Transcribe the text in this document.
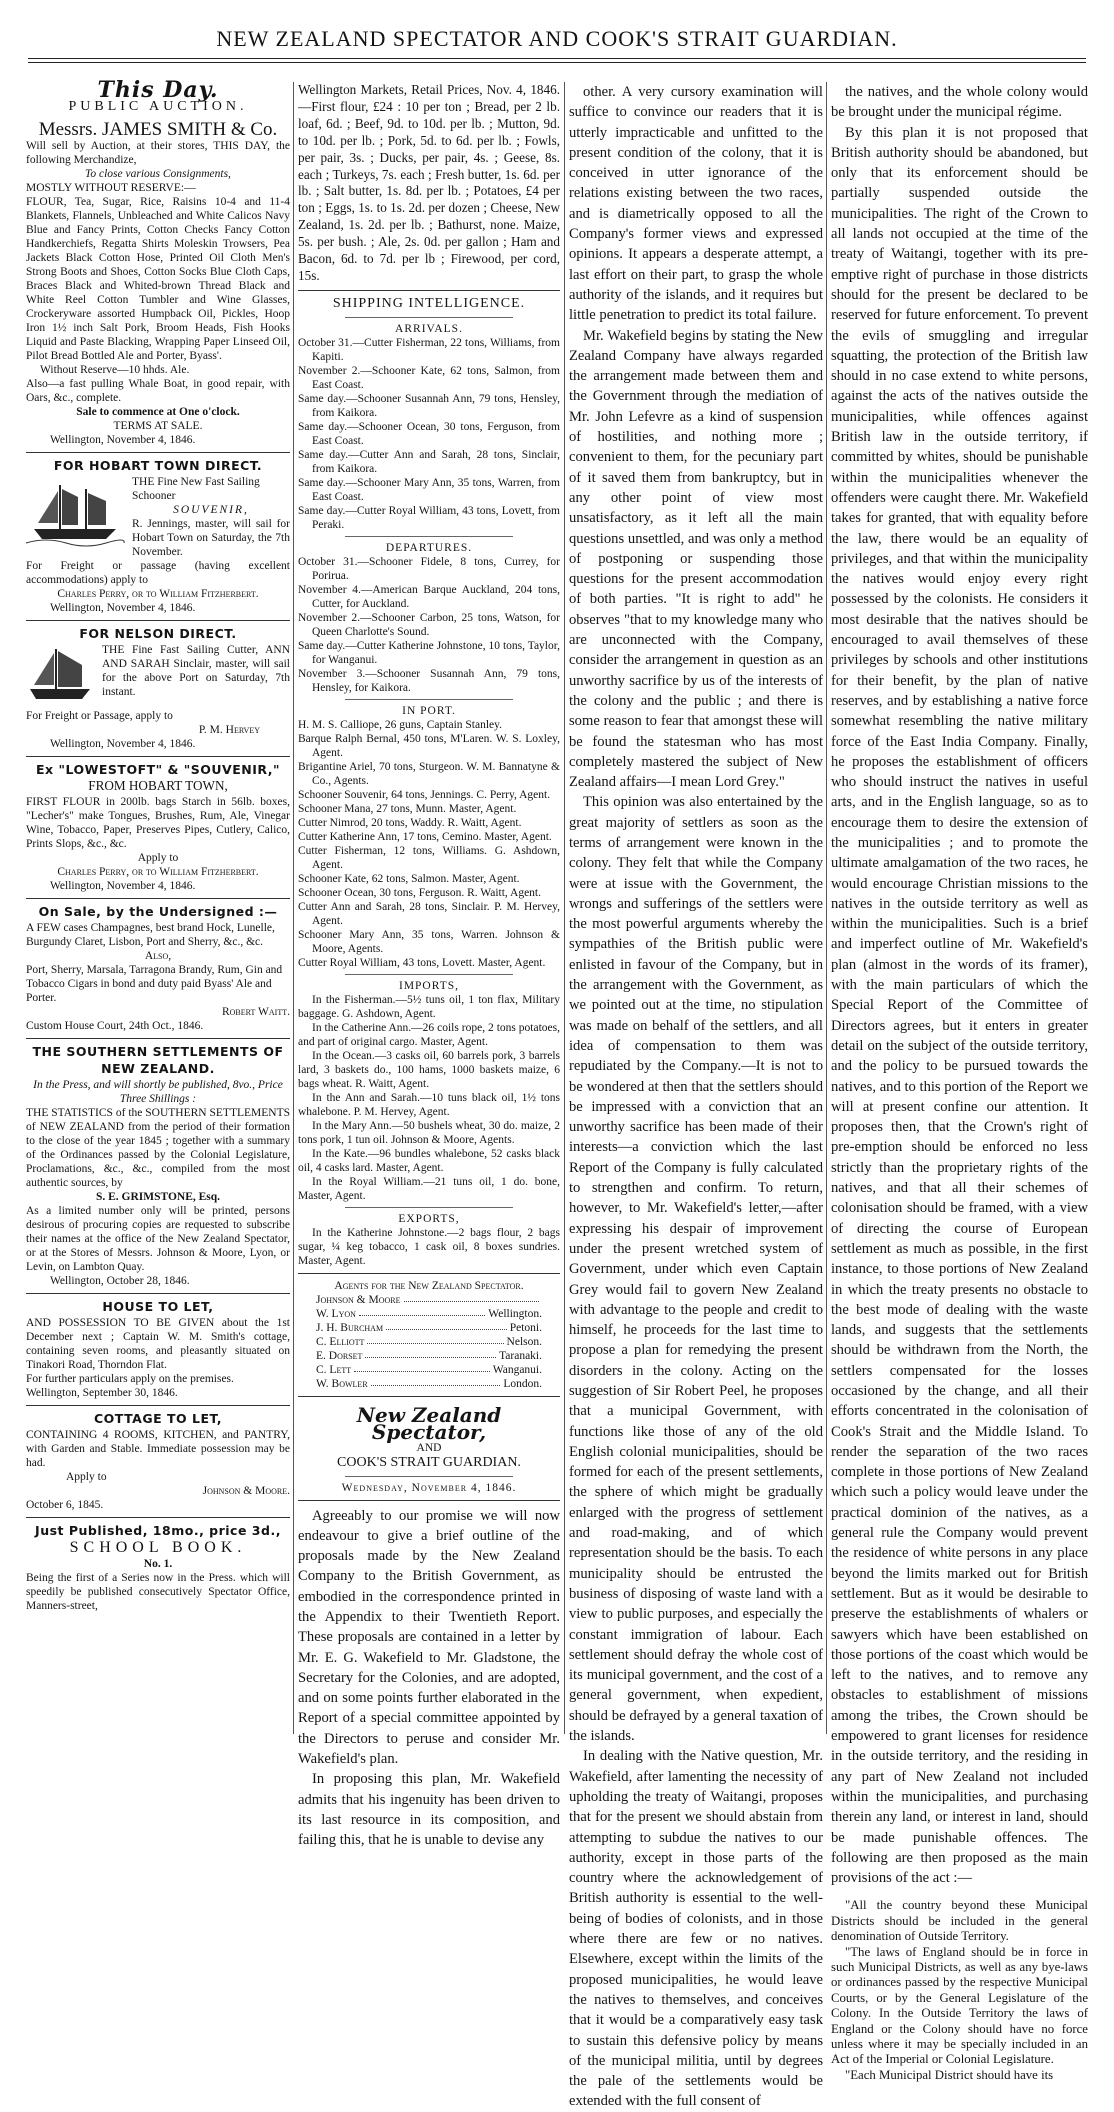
NEW ZEALAND SPECTATOR AND COOK'S STRAIT GUARDIAN.
This Day.
PUBLIC AUCTION.
Messrs. JAMES SMITH & Co.

Will sell by Auction, at their stores, THIS DAY, the following Merchandize,

To close various Consignments,

MOSTLY WITHOUT RESERVE:—

FLOUR, Tea, Sugar, Rice, Raisins 10-4 and 11-4 Blankets, Flannels, Unbleached and White Calicos Navy Blue and Fancy Prints, Cotton Checks Fancy Cotton Handkerchiefs, Regatta Shirts Moleskin Trowsers, Pea Jackets Black Cotton Hose, Printed Oil Cloth Men's Strong Boots and Shoes, Cotton Socks Blue Cloth Caps, Braces Black and Whited-brown Thread Black and White Reel Cotton Tumbler and Wine Glasses, Crockeryware assorted Humpback Oil, Pickles, Hoop Iron 1½ inch Salt Pork, Broom Heads, Fish Hooks Liquid and Paste Blacking, Wrapping Paper Linseed Oil, Pilot Bread Bottled Ale and Porter, Byass'.

Without Reserve—10 hhds. Ale.

Also—a fast pulling Whale Boat, in good repair, with Oars, &c., complete.

Sale to commence at One o'clock.

TERMS AT SALE.

Wellington, November 4, 1846.

FOR HOBART TOWN DIRECT.

THE Fine New Fast Sailing Schooner

SOUVENIR,

R. Jennings, master, will sail for Hobart Town on Saturday, the 7th November.

For Freight or passage (having excellent accommodations) apply to

Charles Perry, or to William Fitzherbert.

Wellington, November 4, 1846.

FOR NELSON DIRECT.

THE Fine Fast Sailing Cutter, ANN AND SARAH Sinclair, master, will sail for the above Port on Saturday, 7th instant.

For Freight or Passage, apply to

P. M. Hervey

Wellington, November 4, 1846.

Ex "LOWESTOFT" & "SOUVENIR,"

FROM HOBART TOWN,

FIRST FLOUR in 200lb. bags Starch in 56lb. boxes, "Lecher's" make Tongues, Brushes, Rum, Ale, Vinegar Wine, Tobacco, Paper, Preserves Pipes, Cutlery, Calico, Prints Slops, &c., &c.

Apply to

Charles Perry, or to William Fitzherbert.

Wellington, November 4, 1846.

On Sale, by the Undersigned :—

A FEW cases Champagnes, best brand Hock, Lunelle, Burgundy Claret, Lisbon, Port and Sherry, &c., &c.

Also,

Port, Sherry, Marsala, Tarragona Brandy, Rum, Gin and Tobacco Cigars in bond and duty paid Byass' Ale and Porter.

Robert Waitt.

Custom House Court, 24th Oct., 1846.

THE SOUTHERN SETTLEMENTS OF NEW ZEALAND.

In the Press, and will shortly be published, 8vo., Price Three Shillings :

THE STATISTICS of the SOUTHERN SETTLEMENTS of NEW ZEALAND from the period of their formation to the close of the year 1845 ; together with a summary of the Ordinances passed by the Colonial Legislature, Proclamations, &c., &c., compiled from the most authentic sources, by

S. E. GRIMSTONE, Esq.

As a limited number only will be printed, persons desirous of procuring copies are requested to subscribe their names at the office of the New Zealand Spectator, or at the Stores of Messrs. Johnson & Moore, Lyon, or Levin, on Lambton Quay.

Wellington, October 28, 1846.

HOUSE TO LET,

AND POSSESSION TO BE GIVEN about the 1st December next ; Captain W. M. Smith's cottage, containing seven rooms, and pleasantly situated on Tinakori Road, Thorndon Flat.

For further particulars apply on the premises.

Wellington, September 30, 1846.

COTTAGE TO LET,

CONTAINING 4 ROOMS, KITCHEN, and PANTRY, with Garden and Stable. Immediate possession may be had.

Apply to

Johnson & Moore.

October 6, 1845.

Just Published, 18mo., price 3d.,

SCHOOL BOOK.

No. 1.

Being the first of a Series now in the Press. which will speedily be published consecutively Spectator Office, Manners-street,

Wellington Markets, Retail Prices, Nov. 4, 1846.—First flour, £24 : 10 per ton ; Bread, per 2 lb. loaf, 6d. ; Beef, 9d. to 10d. per lb. ; Mutton, 9d. to 10d. per lb. ; Pork, 5d. to 6d. per lb. ; Fowls, per pair, 3s. ; Ducks, per pair, 4s. ; Geese, 8s. each ; Turkeys, 7s. each ; Fresh butter, 1s. 6d. per lb. ; Salt butter, 1s. 8d. per lb. ; Potatoes, £4 per ton ; Eggs, 1s. to 1s. 2d. per dozen ; Cheese, New Zealand, 1s. 2d. per lb. ; Bathurst, none. Maize, 5s. per bush. ; Ale, 2s. 0d. per gallon ; Ham and Bacon, 6d. to 7d. per lb ; Firewood, per cord, 15s.

SHIPPING INTELLIGENCE.
ARRIVALS.

October 31.—Cutter Fisherman, 22 tons, Williams, from Kapiti.

November 2.—Schooner Kate, 62 tons, Salmon, from East Coast.

Same day.—Schooner Susannah Ann, 79 tons, Hensley, from Kaikora.

Same day.—Schooner Ocean, 30 tons, Ferguson, from East Coast.

Same day.—Cutter Ann and Sarah, 28 tons, Sinclair, from Kaikora.

Same day.—Schooner Mary Ann, 35 tons, Warren, from East Coast.

Same day.—Cutter Royal William, 43 tons, Lovett, from Peraki.

DEPARTURES.

October 31.—Schooner Fidele, 8 tons, Currey, for Porirua.

November 4.—American Barque Auckland, 204 tons, Cutter, for Auckland.

November 2.—Schooner Carbon, 25 tons, Watson, for Queen Charlotte's Sound.

Same day.—Cutter Katherine Johnstone, 10 tons, Taylor, for Wanganui.

November 3.—Schooner Susannah Ann, 79 tons, Hensley, for Kaikora.

IN PORT.

H. M. S. Calliope, 26 guns, Captain Stanley.

Barque Ralph Bernal, 450 tons, M'Laren. W. S. Loxley, Agent.

Brigantine Ariel, 70 tons, Sturgeon. W. M. Bannatyne & Co., Agents.

Schooner Souvenir, 64 tons, Jennings. C. Perry, Agent.

Schooner Mana, 27 tons, Munn. Master, Agent.

Cutter Nimrod, 20 tons, Waddy. R. Waitt, Agent.

Cutter Katherine Ann, 17 tons, Cemino. Master, Agent.

Cutter Fisherman, 12 tons, Williams. G. Ashdown, Agent.

Schooner Kate, 62 tons, Salmon. Master, Agent.

Schooner Ocean, 30 tons, Ferguson. R. Waitt, Agent.

Cutter Ann and Sarah, 28 tons, Sinclair. P. M. Hervey, Agent.

Schooner Mary Ann, 35 tons, Warren. Johnson & Moore, Agents.

Cutter Royal William, 43 tons, Lovett. Master, Agent.

IMPORTS,

In the Fisherman.—5½ tuns oil, 1 ton flax, Military baggage. G. Ashdown, Agent.

In the Catherine Ann.—26 coils rope, 2 tons potatoes, and part of original cargo. Master, Agent.

In the Ocean.—3 casks oil, 60 barrels pork, 3 barrels lard, 3 baskets do., 100 hams, 1000 baskets maize, 6 bags wheat. R. Waitt, Agent.

In the Ann and Sarah.—10 tuns black oil, 1½ tons whalebone. P. M. Hervey, Agent.

In the Mary Ann.—50 bushels wheat, 30 do. maize, 2 tons pork, 1 tun oil. Johnson & Moore, Agents.

In the Kate.—96 bundles whalebone, 52 casks black oil, 4 casks lard. Master, Agent.

In the Royal William.—21 tuns oil, 1 do. bone, Master, Agent.

EXPORTS,

In the Katherine Johnstone.—2 bags flour, 2 bags sugar, ¼ keg tobacco, 1 cask oil, 8 boxes sundries. Master, Agent.

Agents for the New Zealand Spectator.
Johnson & Moore
W. Lyon	Wellington.
J. H. Burcham	Petoni.
C. Elliott	Nelson.
E. Dorset	Taranaki.
C. Lett	Wanganui.
W. Bowler	London.
New Zealand Spectator,
AND
COOK'S STRAIT GUARDIAN.
Wednesday, November 4, 1846.

Agreeably to our promise we will now endeavour to give a brief outline of the proposals made by the New Zealand Company to the British Government, as embodied in the correspondence printed in the Appendix to their Twentieth Report. These proposals are contained in a letter by Mr. E. G. Wakefield to Mr. Gladstone, the Secretary for the Colonies, and are adopted, and on some points further elaborated in the Report of a special committee appointed by the Directors to peruse and consider Mr. Wakefield's plan.

In proposing this plan, Mr. Wakefield admits that his ingenuity has been driven to its last resource in its composition, and failing this, that he is unable to devise any

other. A very cursory examination will suffice to convince our readers that it is utterly impracticable and unfitted to the present condition of the colony, that it is conceived in utter ignorance of the relations existing between the two races, and is diametrically opposed to all the Company's former views and expressed opinions. It appears a desperate attempt, a last effort on their part, to grasp the whole authority of the islands, and it requires but little penetration to predict its total failure.

Mr. Wakefield begins by stating the New Zealand Company have always regarded the arrangement made between them and the Government through the mediation of Mr. John Lefevre as a kind of suspension of hostilities, and nothing more ; convenient to them, for the pecuniary part of it saved them from bankruptcy, but in any other point of view most unsatisfactory, as it left all the main questions unsettled, and was only a method of postponing or suspending those questions for the present accommodation of both parties. "It is right to add" he observes "that to my knowledge many who are unconnected with the Company, consider the arrangement in question as an unworthy sacrifice by us of the interests of the colony and the public ; and there is some reason to fear that amongst these will be found the statesman who has most completely mastered the subject of New Zealand affairs—I mean Lord Grey."

This opinion was also entertained by the great majority of settlers as soon as the terms of arrangement were known in the colony. They felt that while the Company were at issue with the Government, the wrongs and sufferings of the settlers were the most powerful arguments whereby the sympathies of the British public were enlisted in favour of the Company, but in the arrangement with the Government, as we pointed out at the time, no stipulation was made on behalf of the settlers, and all idea of compensation to them was repudiated by the Company.—It is not to be wondered at then that the settlers should be impressed with a conviction that an unworthy sacrifice has been made of their interests—a conviction which the last Report of the Company is fully calculated to strengthen and confirm. To return, however, to Mr. Wakefield's letter,—after expressing his despair of improvement under the present wretched system of Government, under which even Captain Grey would fail to govern New Zealand with advantage to the people and credit to himself, he proceeds for the last time to propose a plan for remedying the present disorders in the colony. Acting on the suggestion of Sir Robert Peel, he proposes that a municipal Government, with functions like those of any of the old English colonial municipalities, should be formed for each of the present settlements, the sphere of which might be gradually enlarged with the progress of settlement and road-making, and of which representation should be the basis. To each municipality should be entrusted the business of disposing of waste land with a view to public purposes, and especially the constant immigration of labour. Each settlement should defray the whole cost of its municipal government, and the cost of a general government, when expedient, should be defrayed by a general taxation of the islands.

In dealing with the Native question, Mr. Wakefield, after lamenting the necessity of upholding the treaty of Waitangi, proposes that for the present we should abstain from attempting to subdue the natives to our authority, except in those parts of the country where the acknowledgement of British authority is essential to the well-being of bodies of colonists, and in those where there are few or no natives. Elsewhere, except within the limits of the proposed municipalities, he would leave the natives to themselves, and conceives that it would be a comparatively easy task to sustain this defensive policy by means of the municipal militia, until by degrees the pale of the settlements would be extended with the full consent of

the natives, and the whole colony would be brought under the municipal régime.

By this plan it is not proposed that British authority should be abandoned, but only that its enforcement should be partially suspended outside the municipalities. The right of the Crown to all lands not occupied at the time of the treaty of Waitangi, together with its pre-emptive right of purchase in those districts should for the present be declared to be reserved for future enforcement. To prevent the evils of smuggling and irregular squatting, the protection of the British law should in no case extend to white persons, against the acts of the natives outside the municipalities, while offences against British law in the outside territory, if committed by whites, should be punishable within the municipalities whenever the offenders were caught there. Mr. Wakefield takes for granted, that with equality before the law, there would be an equality of privileges, and that within the municipality the natives would enjoy every right possessed by the colonists. He considers it most desirable that the natives should be encouraged to avail themselves of these privileges by schools and other institutions for their benefit, by the plan of native reserves, and by establishing a native force somewhat resembling the native military force of the East India Company. Finally, he proposes the establishment of officers who should instruct the natives in useful arts, and in the English language, so as to encourage them to desire the extension of the municipalities ; and to promote the ultimate amalgamation of the two races, he would encourage Christian missions to the natives in the outside territory as well as within the municipalities. Such is a brief and imperfect outline of Mr. Wakefield's plan (almost in the words of its framer), with the main particulars of which the Special Report of the Committee of Directors agrees, but it enters in greater detail on the subject of the outside territory, and the policy to be pursued towards the natives, and to this portion of the Report we will at present confine our attention. It proposes then, that the Crown's right of pre-emption should be enforced no less strictly than the proprietary rights of the natives, and that all their schemes of colonisation should be framed, with a view of directing the course of European settlement as much as possible, in the first instance, to those portions of New Zealand in which the treaty presents no obstacle to the best mode of dealing with the waste lands, and suggests that the settlements should be withdrawn from the North, the settlers compensated for the losses occasioned by the change, and all their efforts concentrated in the colonisation of Cook's Strait and the Middle Island. To render the separation of the two races complete in those portions of New Zealand which such a policy would leave under the practical dominion of the natives, as a general rule the Company would prevent the residence of white persons in any place beyond the limits marked out for British settlement. But as it would be desirable to preserve the establishments of whalers or sawyers which have been established on those portions of the coast which would be left to the natives, and to remove any obstacles to establishment of missions among the tribes, the Crown should be empowered to grant licenses for residence in the outside territory, and the residing in any part of New Zealand not included within the municipalities, and purchasing therein any land, or interest in land, should be made punishable offences. The following are then proposed as the main provisions of the act :—

"All the country beyond these Municipal Districts should be included in the general denomination of Outside Territory.

"The laws of England should be in force in such Municipal Districts, as well as any bye-laws or ordinances passed by the respective Municipal Courts, or by the General Legislature of the Colony. In the Outside Territory the laws of England or the Colony should have no force unless where it may be specially included in an Act of the Imperial or Colonial Legislature.

"Each Municipal District should have its
